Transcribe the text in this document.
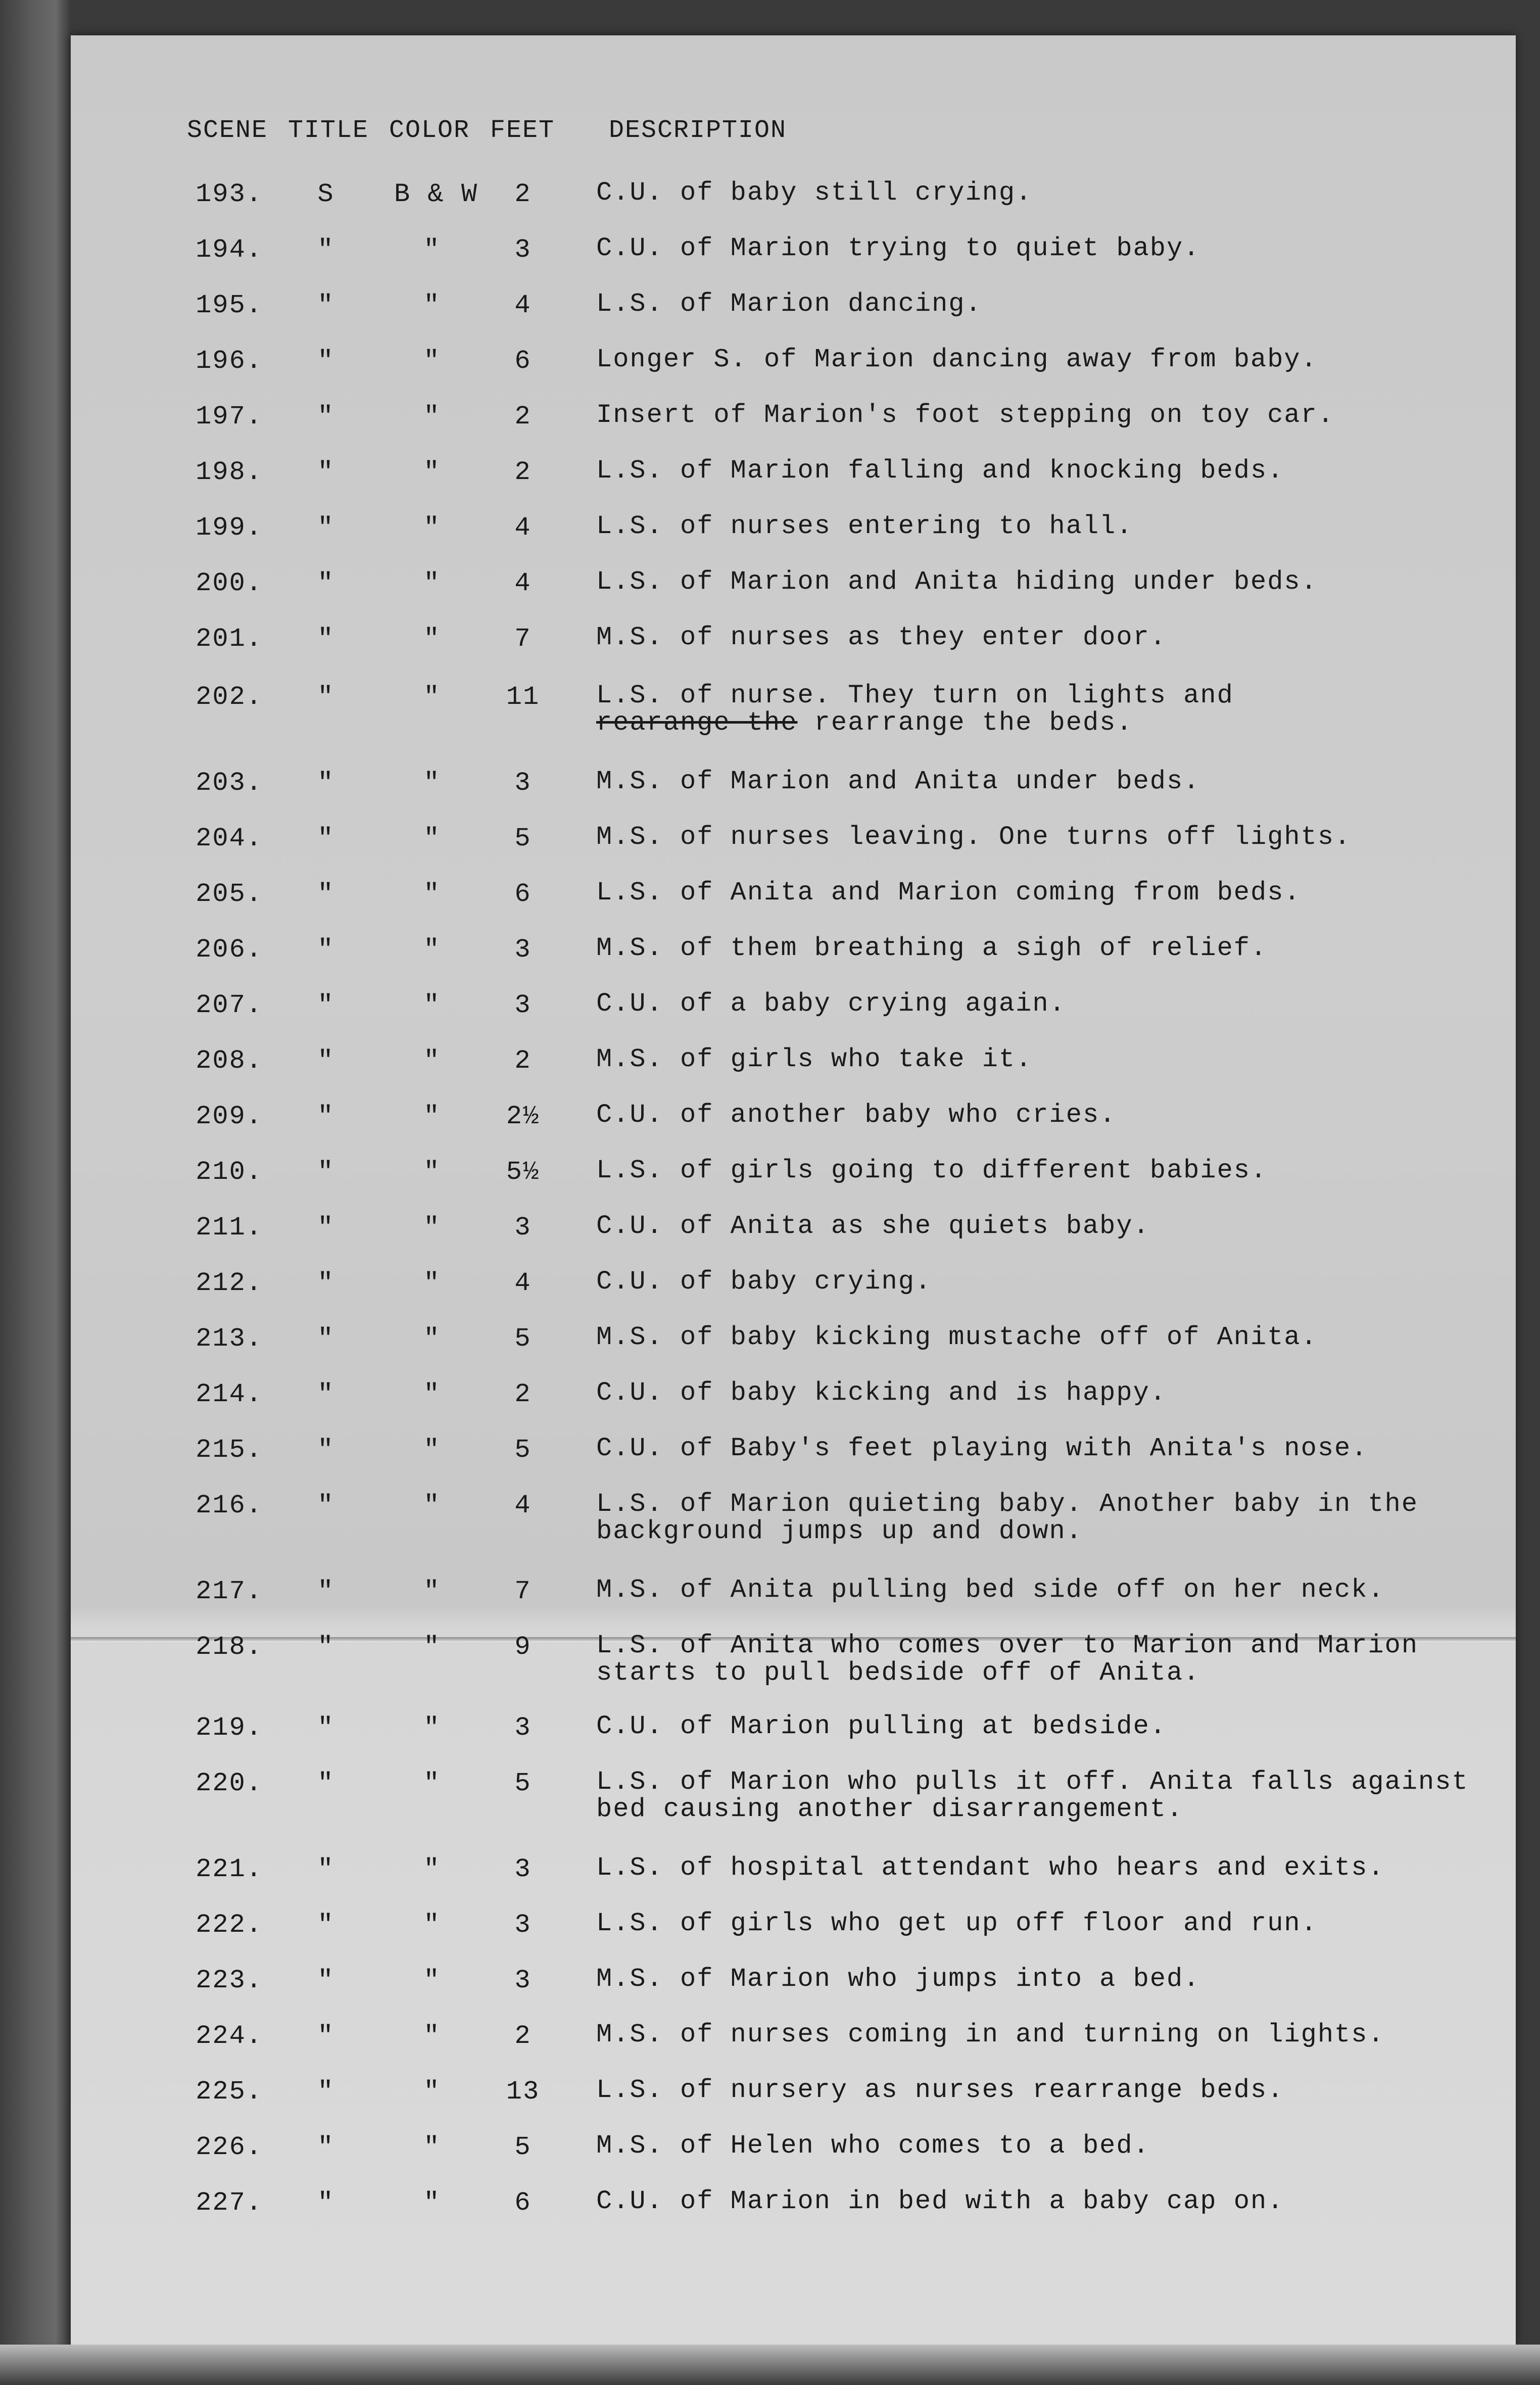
SCENE TITLE COLOR FEET DESCRIPTION
193.	S	B & W	2	C.U. of baby still crying.
194.	"	"	3	C.U. of Marion trying to quiet baby.
195.	"	"	4	L.S. of Marion dancing.
196.	"	"	6	Longer S. of Marion dancing away from baby.
197.	"	"	2	Insert of Marion's foot stepping on toy car.
198.	"	"	2	L.S. of Marion falling and knocking beds.
199.	"	"	4	L.S. of nurses entering to hall.
200.	"	"	4	L.S. of Marion and Anita hiding under beds.
201.	"	"	7	M.S. of nurses as they enter door.
202.	"	"	11	L.S. of nurse. They turn on lights and
rearange the rearrange the beds.
203.	"	"	3	M.S. of Marion and Anita under beds.
204.	"	"	5	M.S. of nurses leaving. One turns off lights.
205.	"	"	6	L.S. of Anita and Marion coming from beds.
206.	"	"	3	M.S. of them breathing a sigh of relief.
207.	"	"	3	C.U. of a baby crying again.
208.	"	"	2	M.S. of girls who take it.
209.	"	"	2½	C.U. of another baby who cries.
210.	"	"	5½	L.S. of girls going to different babies.
211.	"	"	3	C.U. of Anita as she quiets baby.
212.	"	"	4	C.U. of baby crying.
213.	"	"	5	M.S. of baby kicking mustache off of Anita.
214.	"	"	2	C.U. of baby kicking and is happy.
215.	"	"	5	C.U. of Baby's feet playing with Anita's nose.
216.	"	"	4	L.S. of Marion quieting baby. Another baby in the background jumps up and down.
217.	"	"	7	M.S. of Anita pulling bed side off on her neck.
218.	"	"	9	L.S. of Anita who comes over to Marion and Marion starts to pull bedside off of Anita.
219.	"	"	3	C.U. of Marion pulling at bedside.
220.	"	"	5	L.S. of Marion who pulls it off. Anita falls against bed causing another disarrangement.
221.	"	"	3	L.S. of hospital attendant who hears and exits.
222.	"	"	3	L.S. of girls who get up off floor and run.
223.	"	"	3	M.S. of Marion who jumps into a bed.
224.	"	"	2	M.S. of nurses coming in and turning on lights.
225.	"	"	13	L.S. of nursery as nurses rearrange beds.
226.	"	"	5	M.S. of Helen who comes to a bed.
227.	"	"	6	C.U. of Marion in bed with a baby cap on.
